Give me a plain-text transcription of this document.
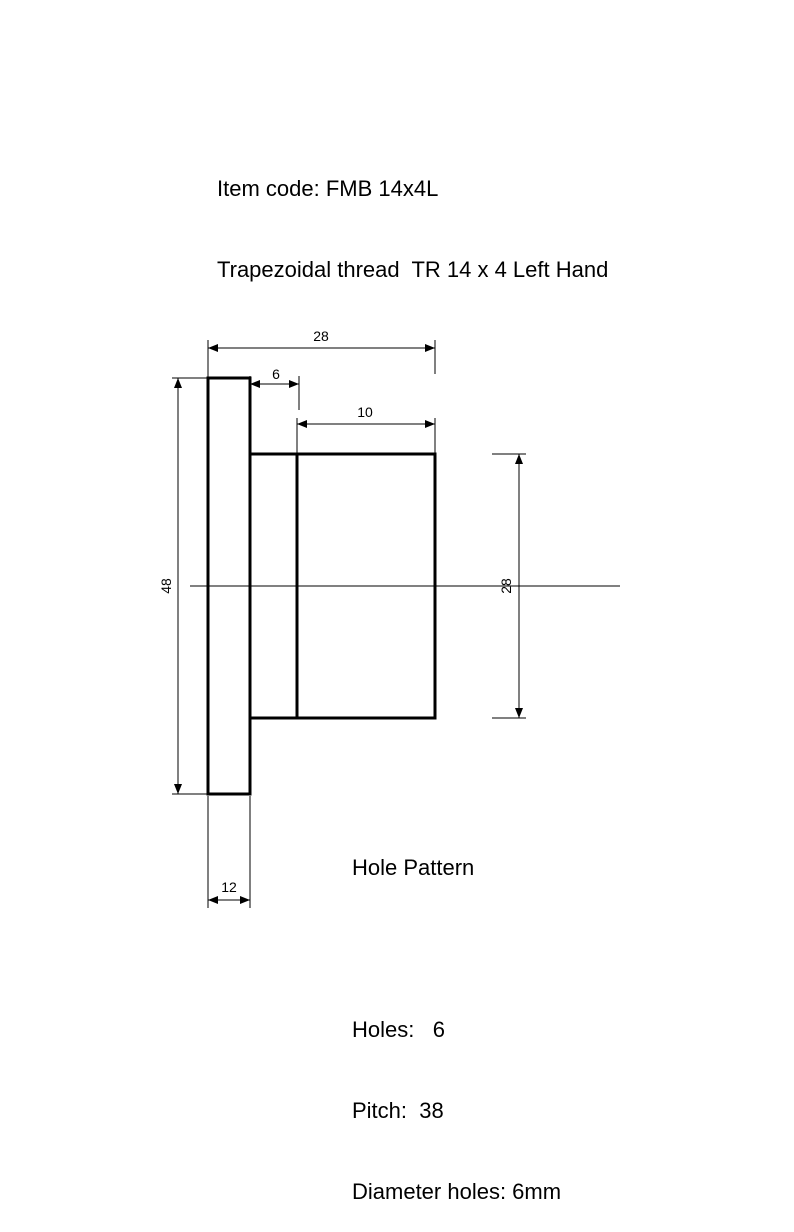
Item code: FMB 14x4L

Trapezoidal thread  TR 14 x 4 Left Hand

28
6
10
48	28
12

Hole Pattern

Holes:   6

Pitch:  38

Diameter holes: 6mm
